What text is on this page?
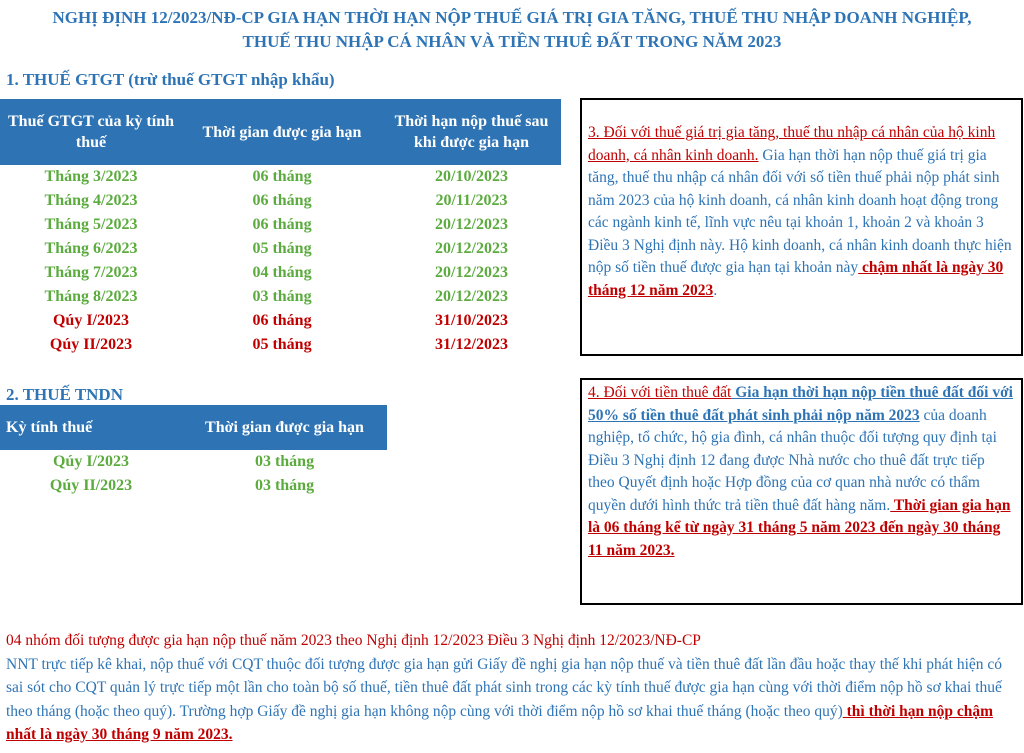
NGHỊ ĐỊNH 12/2023/NĐ-CP GIA HẠN THỜI HẠN NỘP THUẾ GIÁ TRỊ GIA TĂNG, THUẾ THU NHẬP DOANH NGHIỆP,
THUẾ THU NHẬP CÁ NHÂN VÀ TIỀN THUÊ ĐẤT TRONG NĂM 2023
1. THUẾ GTGT (trừ thuế GTGT nhập khẩu)
Thuế GTGT của kỳ tính thuế	Thời gian được gia hạn	Thời hạn nộp thuế sau khi được gia hạn
Tháng 3/2023	06 tháng	20/10/2023
Tháng 4/2023	06 tháng	20/11/2023
Tháng 5/2023	06 tháng	20/12/2023
Tháng 6/2023	05 tháng	20/12/2023
Tháng 7/2023	04 tháng	20/12/2023
Tháng 8/2023	03 tháng	20/12/2023
Qúy I/2023	06 tháng	31/10/2023
Qúy II/2023	05 tháng	31/12/2023
2. THUẾ TNDN
Kỳ tính thuế	Thời gian được gia hạn
Qúy I/2023	03 tháng
Qúy II/2023	03 tháng
3. Đối với thuế giá trị gia tăng, thuế thu nhập cá nhân của hộ kinh doanh, cá nhân kinh doanh. Gia hạn thời hạn nộp thuế giá trị gia tăng, thuế thu nhập cá nhân đối với số tiền thuế phải nộp phát sinh năm 2023 của hộ kinh doanh, cá nhân kinh doanh hoạt động trong các ngành kinh tế, lĩnh vực nêu tại khoản 1, khoản 2 và khoản 3 Điều 3 Nghị định này. Hộ kinh doanh, cá nhân kinh doanh thực hiện nộp số tiền thuế được gia hạn tại khoản này chậm nhất là ngày 30 tháng 12 năm 2023.
4. Đối với tiền thuê đất Gia hạn thời hạn nộp tiền thuê đất đối với 50% số tiền thuê đất phát sinh phải nộp năm 2023 của doanh nghiệp, tổ chức, hộ gia đình, cá nhân thuộc đối tượng quy định tại Điều 3 Nghị định 12 đang được Nhà nước cho thuê đất trực tiếp theo Quyết định hoặc Hợp đồng của cơ quan nhà nước có thẩm quyền dưới hình thức trả tiền thuê đất hàng năm. Thời gian gia hạn là 06 tháng kể từ ngày 31 tháng 5 năm 2023 đến ngày 30 tháng 11 năm 2023.
04 nhóm đối tượng được gia hạn nộp thuế năm 2023 theo Nghị định 12/2023 Điều 3 Nghị định 12/2023/NĐ-CP
NNT trực tiếp kê khai, nộp thuế với CQT thuộc đối tượng được gia hạn gửi Giấy đề nghị gia hạn nộp thuế và tiền thuê đất lần đầu hoặc thay thế khi phát hiện có sai sót cho CQT quản lý trực tiếp một lần cho toàn bộ số thuế, tiền thuê đất phát sinh trong các kỳ tính thuế được gia hạn cùng với thời điểm nộp hồ sơ khai thuế theo tháng (hoặc theo quý). Trường hợp Giấy đề nghị gia hạn không nộp cùng với thời điểm nộp hồ sơ khai thuế tháng (hoặc theo quý) thì thời hạn nộp chậm nhất là ngày 30 tháng 9 năm 2023.
